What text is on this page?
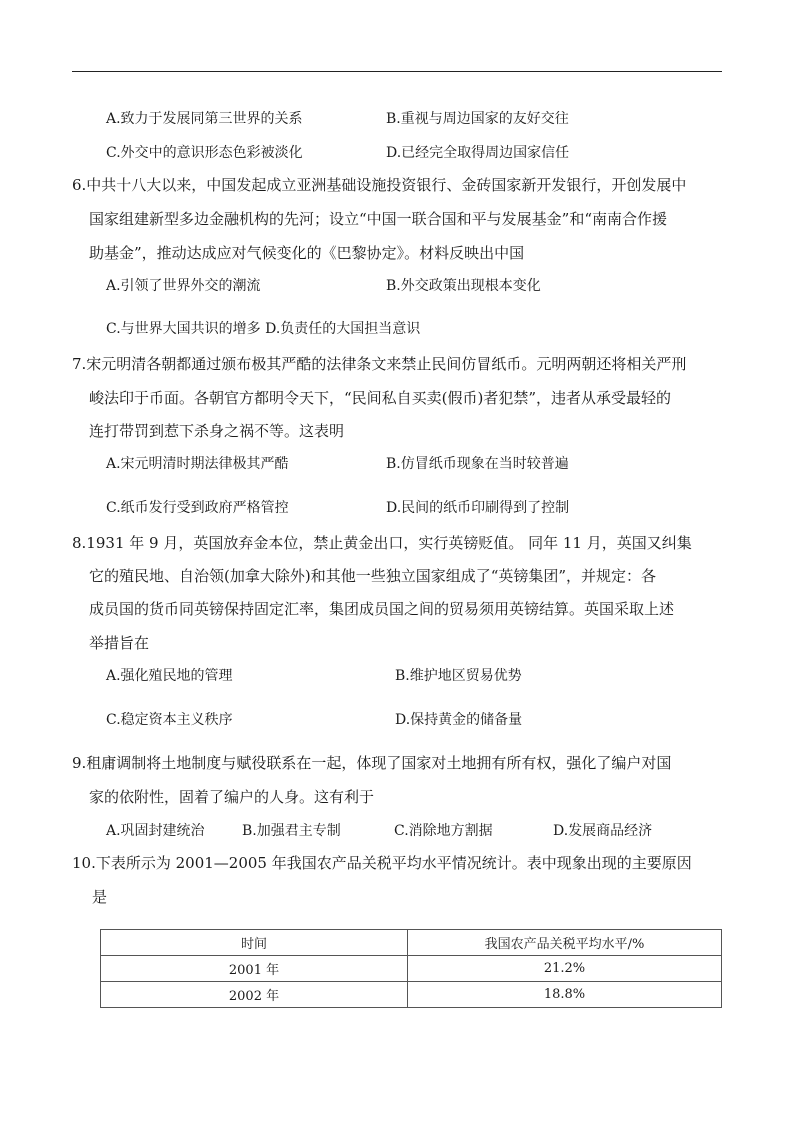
A.致力于发展同第三世界的关系	B.重视与周边国家的友好交往
C.外交中的意识形态色彩被淡化	D.已经完全取得周边国家信任
6.中共十八大以来，中国发起成立亚洲基础设施投资银行、金砖国家新开发银行，开创发展中
国家组建新型多边金融机构的先河；设立“中国一联合国和平与发展基金”和“南南合作援
助基金”，推动达成应对气候变化的《巴黎协定》。材料反映出中国
A.引领了世界外交的潮流	B.外交政策出现根本变化
C.与世界大国共识的增多 D.负责任的大国担当意识
7.宋元明清各朝都通过颁布极其严酷的法律条文来禁止民间仿冒纸币。元明两朝还将相关严刑
峻法印于币面。各朝官方都明令天下，“民间私自买卖(假币)者犯禁”，违者从承受最轻的
连打带罚到惹下杀身之祸不等。这表明
A.宋元明清时期法律极其严酷	B.仿冒纸币现象在当时较普遍
C.纸币发行受到政府严格管控	D.民间的纸币印刷得到了控制
8.1931 年 9 月，英国放弃金本位，禁止黄金出口，实行英镑贬值。 同年 11 月，英国又纠集
它的殖民地、自治领(加拿大除外)和其他一些独立国家组成了“英镑集团”，并规定：各
成员国的货币同英镑保持固定汇率，集团成员国之间的贸易须用英镑结算。英国采取上述
举措旨在
A.强化殖民地的管理	B.维护地区贸易优势
C.稳定资本主义秩序	D.保持黄金的储备量
9.租庸调制将土地制度与赋役联系在一起，体现了国家对土地拥有所有权，强化了编户对国
家的依附性，固着了编户的人身。这有利于
A.巩固封建统治	B.加强君主专制	C.消除地方割据	D.发展商品经济
10.下表所示为 2001—2005 年我国农产品关税平均水平情况统计。表中现象出现的主要原因
是
时间	我国农产品关税平均水平/%
2001 年	21.2%
2002 年	18.8%
